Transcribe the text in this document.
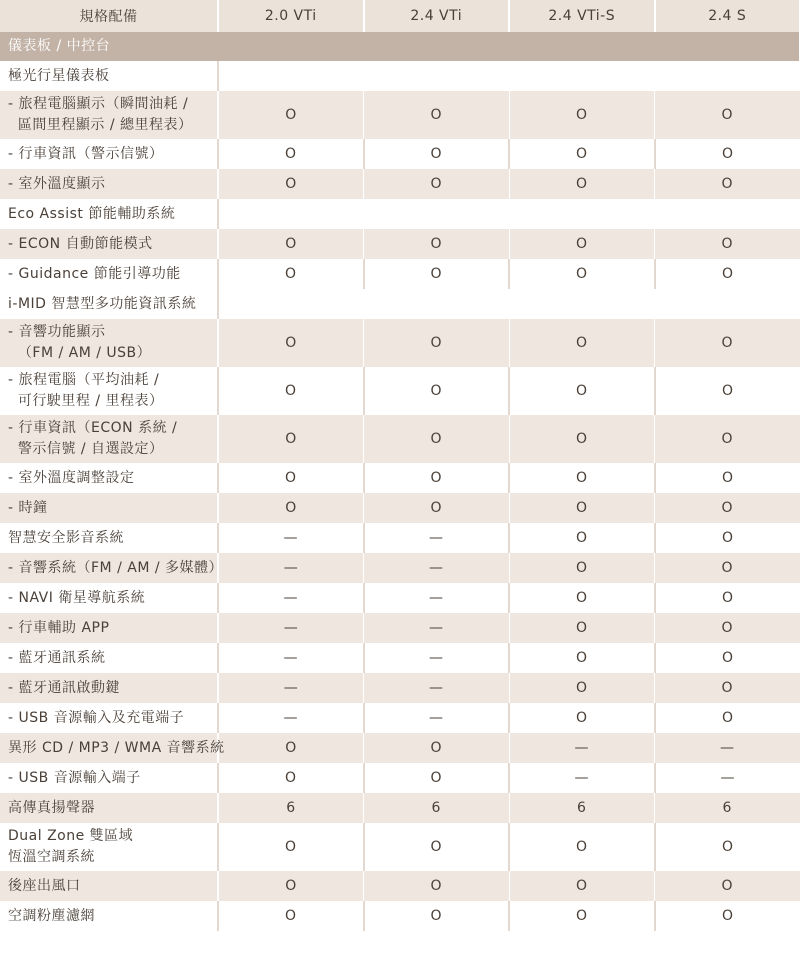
規格配備	2.0 VTi	2.4 VTi	2.4 VTi-S	2.4 S
儀表板 / 中控台				
極光行星儀表板				
- 旅程電腦顯示（瞬間油耗 /
區間里程顯示 / 總里程表）	O	O	O	O
- 行車資訊（警示信號）	O	O	O	O
- 室外溫度顯示	O	O	O	O
Eco Assist 節能輔助系統				
- ECON 自動節能模式	O	O	O	O
- Guidance 節能引導功能	O	O	O	O
i-MID 智慧型多功能資訊系統				
- 音響功能顯示
（FM / AM / USB）	O	O	O	O
- 旅程電腦（平均油耗 /
可行駛里程 / 里程表）	O	O	O	O
- 行車資訊（ECON 系統 /
警示信號 / 自選設定）	O	O	O	O
- 室外溫度調整設定	O	O	O	O
- 時鐘	O	O	O	O
智慧安全影音系統	—	—	O	O
- 音響系統（FM / AM / 多媒體）	—	—	O	O
- NAVI 衛星導航系統	—	—	O	O
- 行車輔助 APP	—	—	O	O
- 藍牙通訊系統	—	—	O	O
- 藍牙通訊啟動鍵	—	—	O	O
- USB 音源輸入及充電端子	—	—	O	O
異形 CD / MP3 / WMA 音響系統	O	O	—	—
- USB 音源輸入端子	O	O	—	—
高傳真揚聲器	6	6	6	6
Dual Zone 雙區域
恆溫空調系統	O	O	O	O
後座出風口	O	O	O	O
空調粉塵濾網	O	O	O	O
